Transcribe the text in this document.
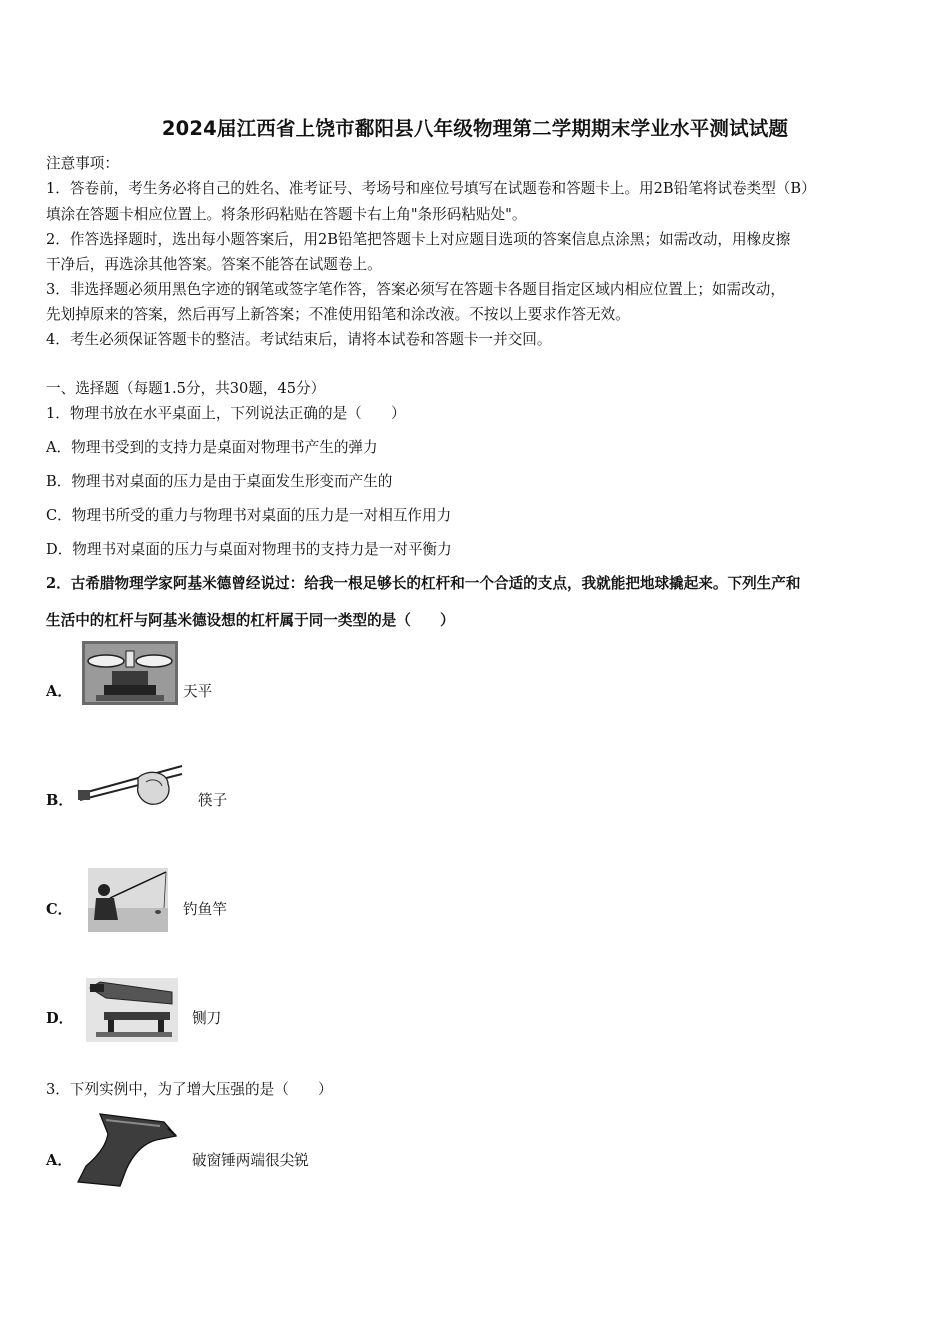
2024届江西省上饶市鄱阳县八年级物理第二学期期末学业水平测试试题
注意事项：
1．答卷前，考生务必将自己的姓名、准考证号、考场号和座位号填写在试题卷和答题卡上。用2B铅笔将试卷类型（B）
填涂在答题卡相应位置上。将条形码粘贴在答题卡右上角"条形码粘贴处"。
2．作答选择题时，选出每小题答案后，用2B铅笔把答题卡上对应题目选项的答案信息点涂黑；如需改动，用橡皮擦
干净后，再选涂其他答案。答案不能答在试题卷上。
3．非选择题必须用黑色字迹的钢笔或签字笔作答，答案必须写在答题卡各题目指定区域内相应位置上；如需改动，
先划掉原来的答案，然后再写上新答案；不准使用铅笔和涂改液。不按以上要求作答无效。
4．考生必须保证答题卡的整洁。考试结束后，请将本试卷和答题卡一并交回。
一、选择题（每题1.5分，共30题，45分）
1．物理书放在水平桌面上，下列说法正确的是（　　）
A．物理书受到的支持力是桌面对物理书产生的弹力
B．物理书对桌面的压力是由于桌面发生形变而产生的
C．物理书所受的重力与物理书对桌面的压力是一对相互作用力
D．物理书对桌面的压力与桌面对物理书的支持力是一对平衡力
2．古希腊物理学家阿基米德曾经说过：给我一根足够长的杠杆和一个合适的支点，我就能把地球撬起来。下列生产和
生活中的杠杆与阿基米德设想的杠杆属于同一类型的是（　　）
A．	天平
B．	筷子
C．	钓鱼竿
D．	铡刀
3．下列实例中，为了增大压强的是（　　）
A．	破窗锤两端很尖锐
